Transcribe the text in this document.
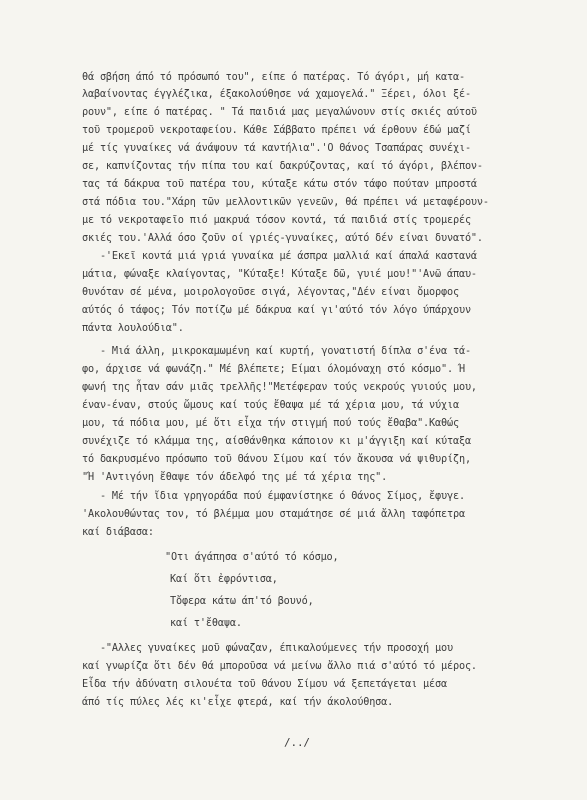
θά σβήση άπό τό πρόσωπό του", είπε ό πατέρας. Τό άγόρι, μή κατα-
λαβαίνοντας έγγλέζικα, έξακολούθησε νά χαμογελά." Ξέρει, όλοι ξέ-
ρουν", είπε ό πατέρας. " Τά παιδιά μας μεγαλώνουν στίς σκιές αύτοῦ
τοῦ τρομεροῦ νεκροταφείου. Κάθε Σάββατο πρέπει νά έρθουν έδώ μαζί
μέ τίς γυναίκες νά άνάψουν τά καντήλια".'Ο Θάνος Τσαπάρας συνέχι-
σε, καπνίζοντας τήν πίπα του καί δακρύζοντας, καί τό άγόρι, βλέπον-
τας τά δάκρυα τοῦ πατέρα του, κύταξε κάτω στόν τάφο πούταν μπροστά
στά πόδια του."Χάρη τῶν μελλοντικῶν γενεῶν, θά πρέπει νά μεταφέρουν-
με τό νεκροταφεῖο πιό μακρυά τόσον κοντά, τά παιδιά στίς τρομερές
σκιές του.'Αλλά όσο ζοῦν οί γριές-γυναίκες, αύτό δέν είναι δυνατό".
-'Εκεῖ κοντά μιά γριά γυναίκα μέ άσπρα μαλλιά καί άπαλά καστανά
μάτια, φώναξε κλαίγοντας, "Κύταξε! Κύταξε δῶ, γυιέ μου!"'Ανῶ άπαυ-
θυνόταν σέ μένα, μοιρολογοῦσε σιγά, λέγοντας,"Δέν είναι ὄμορφος
αύτός ό τάφος; Τόν ποτίζω μέ δάκρυα καί γι'αύτό τόν λόγο ύπάρχουν
πάντα λουλούδια".
- Μιά άλλη, μικροκαμωμένη καί κυρτή, γονατιστή δίπλα σ'ένα τά-
φο, άρχισε νά φωνάζη." Μέ βλέπετε; Είμαι όλομόναχη στό κόσμο". Ή
φωνή της ἦταν σάν μιᾶς τρελλῆς!"Μετέφεραν τούς νεκρούς γυιούς μου,
έναν-έναν, στούς ὤμους καί τούς ἔθαψα μέ τά χέρια μου, τά νύχια
μου, τά πόδια μου, μέ ὅτι εἶχα τήν στιγμή πού τούς ἔθαβα".Καθώς
συνέχιζε τό κλάμμα της, αίσθάνθηκα κάποιον κι μ'άγγιξη καί κύταξα
τό δακρυσμένο πρόσωπο τοῦ Θάνου Σίμου καί τόν ἄκουσα νά ψιθυρίζη,
"Ή 'Αντιγόνη ἔθαψε τόν άδελφό της μέ τά χέρια της".
- Μέ τήν ἴδια γρηγοράδα πού έμφανίστηκε ό Θάνος Σίμος, ἔφυγε.
'Ακολουθώντας τον, τό βλέμμα μου σταμάτησε σέ μιά ἄλλη ταφόπετρα
καί διάβασα:
"Οτι άγάπησα σ'αύτό τό κόσμο,
Καί ὅτι ἐφρόντισα,
Τὄφερα κάτω άπ'τό βουνό,
καί τ'ἔθαψα.
-"Αλλες γυναίκες μοῦ φώναζαν, έπικαλούμενες τήν προσοχή μου
καί γνωρίζα ὅτι δέν θά μποροῦσα νά μείνω ἄλλο πιά σ'αύτό τό μέρος.
Εἶδα τήν ἀδύνατη σιλουέτα τοῦ Θάνου Σίμου νά ξεπετάγεται μέσα
άπό τίς πύλες λές κι'εἶχε φτερά, καί τήν άκολούθησα.
/../
